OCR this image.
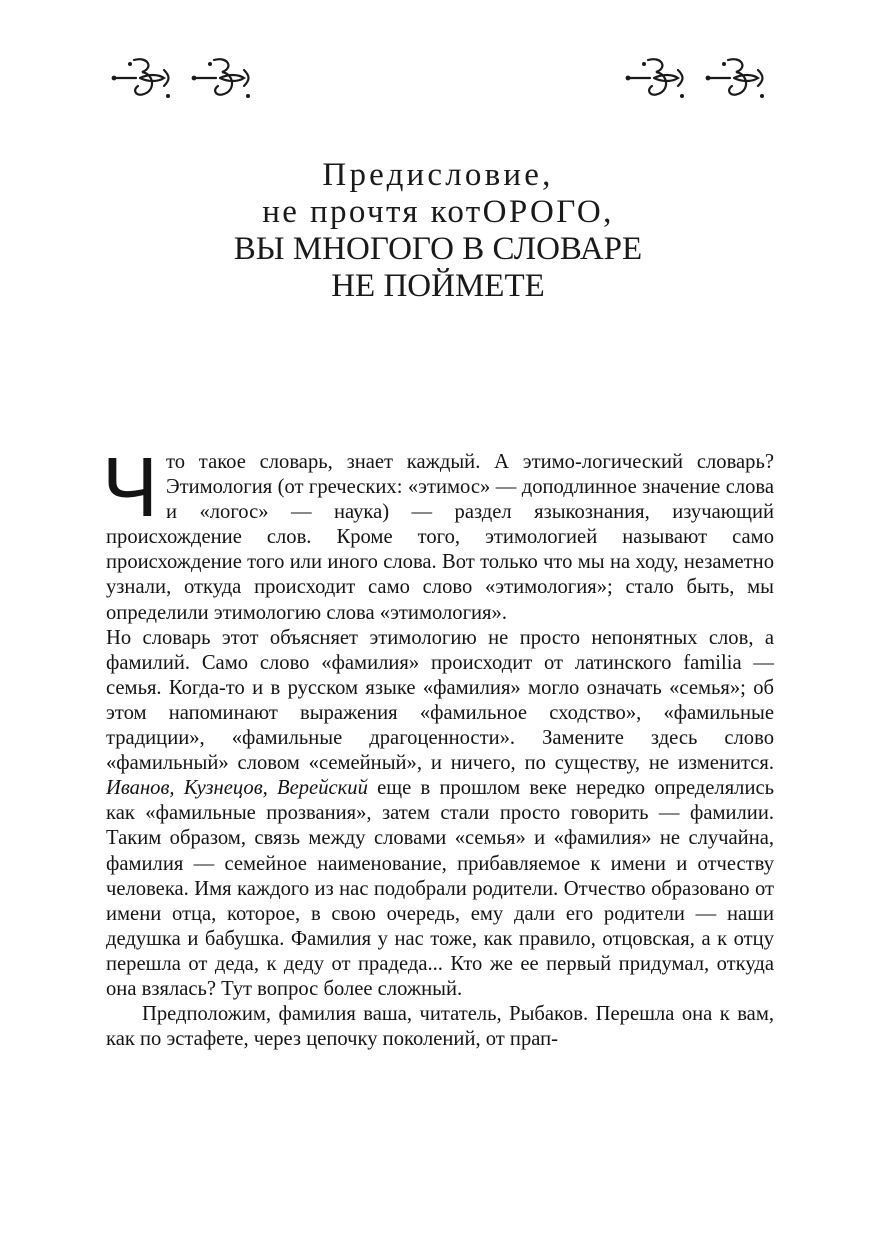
Предисловие,
не прочтя котОРОГО,
ВЫ МНОГОГО В СЛОВАРЕ
НЕ ПОЙМЕТЕ

Что такое словарь, знает каждый. А этимо-логический словарь? Этимология (от греческих: «этимос» — доподлинное значение слова и «логос» — наука) — раздел языкознания, изучающий происхождение слов. Кроме того, этимологией называют само происхождение того или иного слова. Вот только что мы на ходу, незаметно узнали, откуда происходит само слово «этимология»; стало быть, мы определили этимологию слова «этимология».

Но словарь этот объясняет этимологию не просто непонятных слов, а фамилий. Само слово «фамилия» происходит от латинского familia — семья. Когда-то и в русском языке «фамилия» могло означать «семья»; об этом напоминают выражения «фамильное сходство», «фамильные традиции», «фамильные драгоценности». Замените здесь слово «фамильный» словом «семейный», и ничего, по существу, не изменится. Иванов, Кузнецов, Верейский еще в прошлом веке нередко определялись как «фамильные прозвания», затем стали просто говорить — фамилии. Таким образом, связь между словами «семья» и «фамилия» не случайна, фамилия — семейное наименование, прибавляемое к имени и отчеству человека. Имя каждого из нас подобрали родители. Отчество образовано от имени отца, которое, в свою очередь, ему дали его родители — наши дедушка и бабушка. Фамилия у нас тоже, как правило, отцовская, а к отцу перешла от деда, к деду от прадеда... Кто же ее первый придумал, откуда она взялась? Тут вопрос более сложный.

Предположим, фамилия ваша, читатель, Рыбаков. Перешла она к вам, как по эстафете, через цепочку поколений, от прап-
